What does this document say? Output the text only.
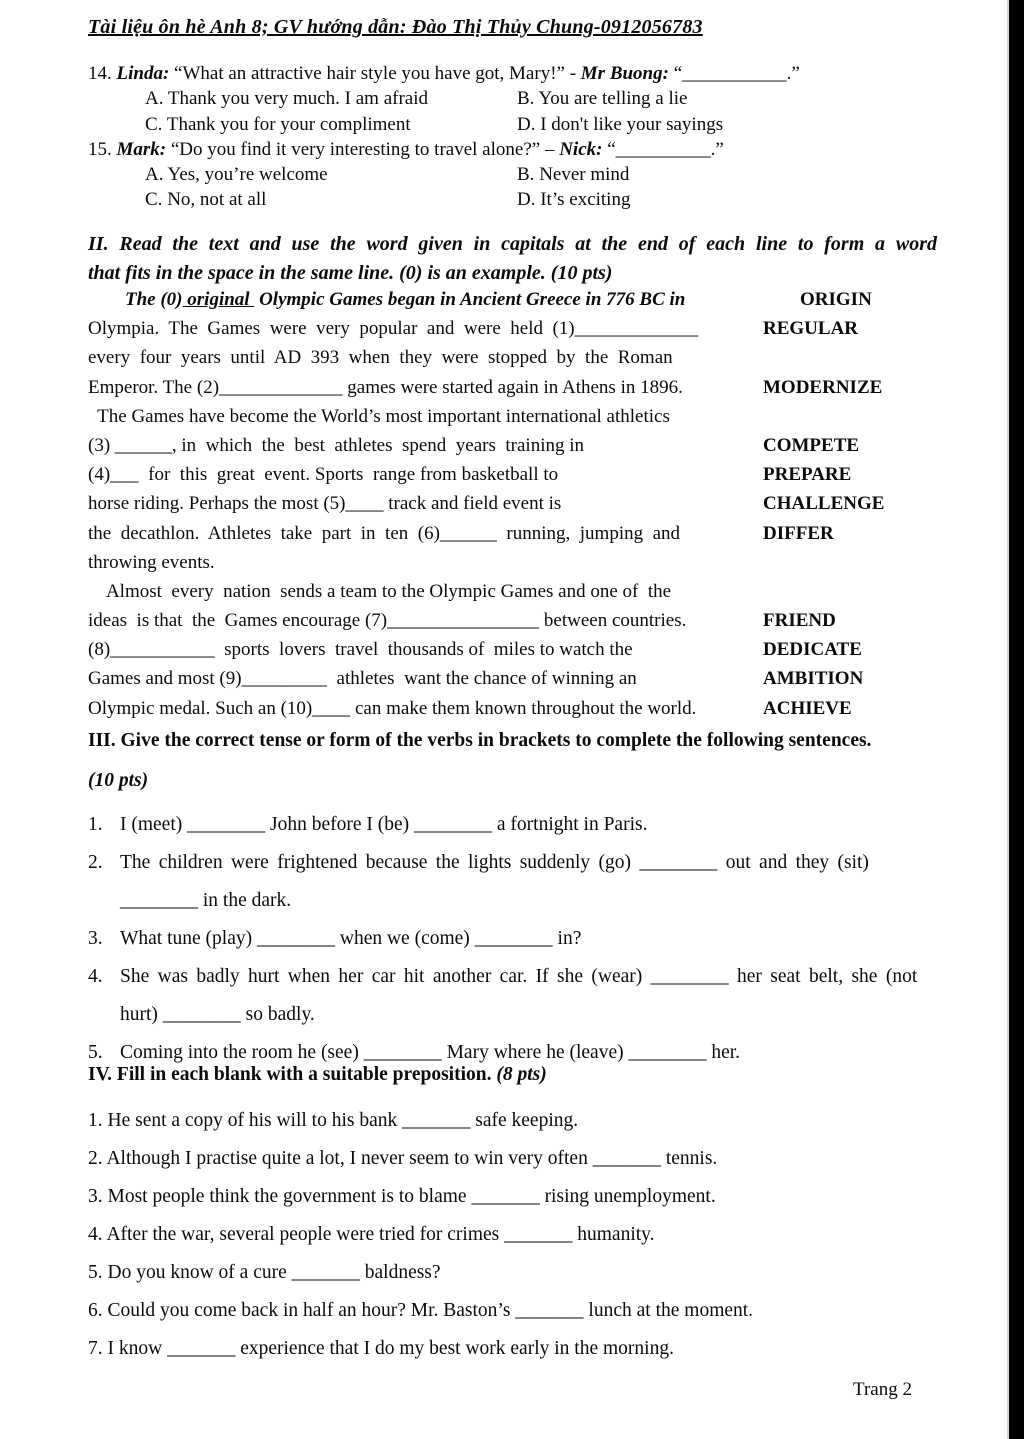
Tài liệu ôn hè Anh 8; GV hướng dẫn: Đào Thị Thủy Chung-0912056783
14. Linda: “What an attractive hair style you have got, Mary!” - Mr Buong: “___________.”
A. Thank you very much. I am afraid	B. You are telling a lie
C. Thank you for your compliment	D. I don't like your sayings
15. Mark: “Do you find it very interesting to travel alone?” – Nick: “__________.”
A. Yes, you’re welcome	B. Never mind
C. No, not at all	D. It’s exciting
II. Read the text and use the word given in capitals at the end of each line to form a word
that fits in the space in the same line. (0) is an example. (10 pts)
The (0) original  Olympic Games began in Ancient Greece in 776 BC in	ORIGIN
Olympia.  The  Games  were  very  popular  and  were  held  (1)_____________	REGULAR
every  four  years  until  AD  393  when  they  were  stopped  by  the  Roman
Emperor. The (2)_____________ games were started again in Athens in 1896.	MODERNIZE
The Games have become the World’s most important international athletics
(3) ______, in  which  the  best  athletes  spend  years  training in	COMPETE
(4)___  for  this  great  event. Sports  range from basketball to	PREPARE
horse riding. Perhaps the most (5)____ track and field event is	CHALLENGE
the  decathlon.  Athletes  take  part  in  ten  (6)______  running,  jumping  and	DIFFER
throwing events.
Almost  every  nation  sends a team to the Olympic Games and one of  the
ideas  is that  the  Games encourage (7)________________ between countries.	FRIEND
(8)___________  sports  lovers  travel  thousands of  miles to watch the	DEDICATE
Games and most (9)_________  athletes  want the chance of winning an	AMBITION
Olympic medal. Such an (10)____ can make them known throughout the world.	ACHIEVE
III. Give the correct tense or form of the verbs in brackets to complete the following sentences.
(10 pts)
1. I (meet) ________ John before I (be) ________ a fortnight in Paris.
2. The children were frightened because the lights suddenly (go) ________ out and they (sit)
________ in the dark.
3. What tune (play) ________ when we (come) ________ in?
4. She was badly hurt when her car hit another car. If she (wear) ________ her seat belt, she (not
hurt) ________ so badly.
5. Coming into the room he (see) ________ Mary where he (leave) ________ her.
IV. Fill in each blank with a suitable preposition. (8 pts)
1. He sent a copy of his will to his bank _______ safe keeping.
2. Although I practise quite a lot, I never seem to win very often _______ tennis.
3. Most people think the government is to blame _______ rising unemployment.
4. After the war, several people were tried for crimes _______ humanity.
5. Do you know of a cure _______ baldness?
6. Could you come back in half an hour? Mr. Baston’s _______ lunch at the moment.
7. I know _______ experience that I do my best work early in the morning.
Trang 2
